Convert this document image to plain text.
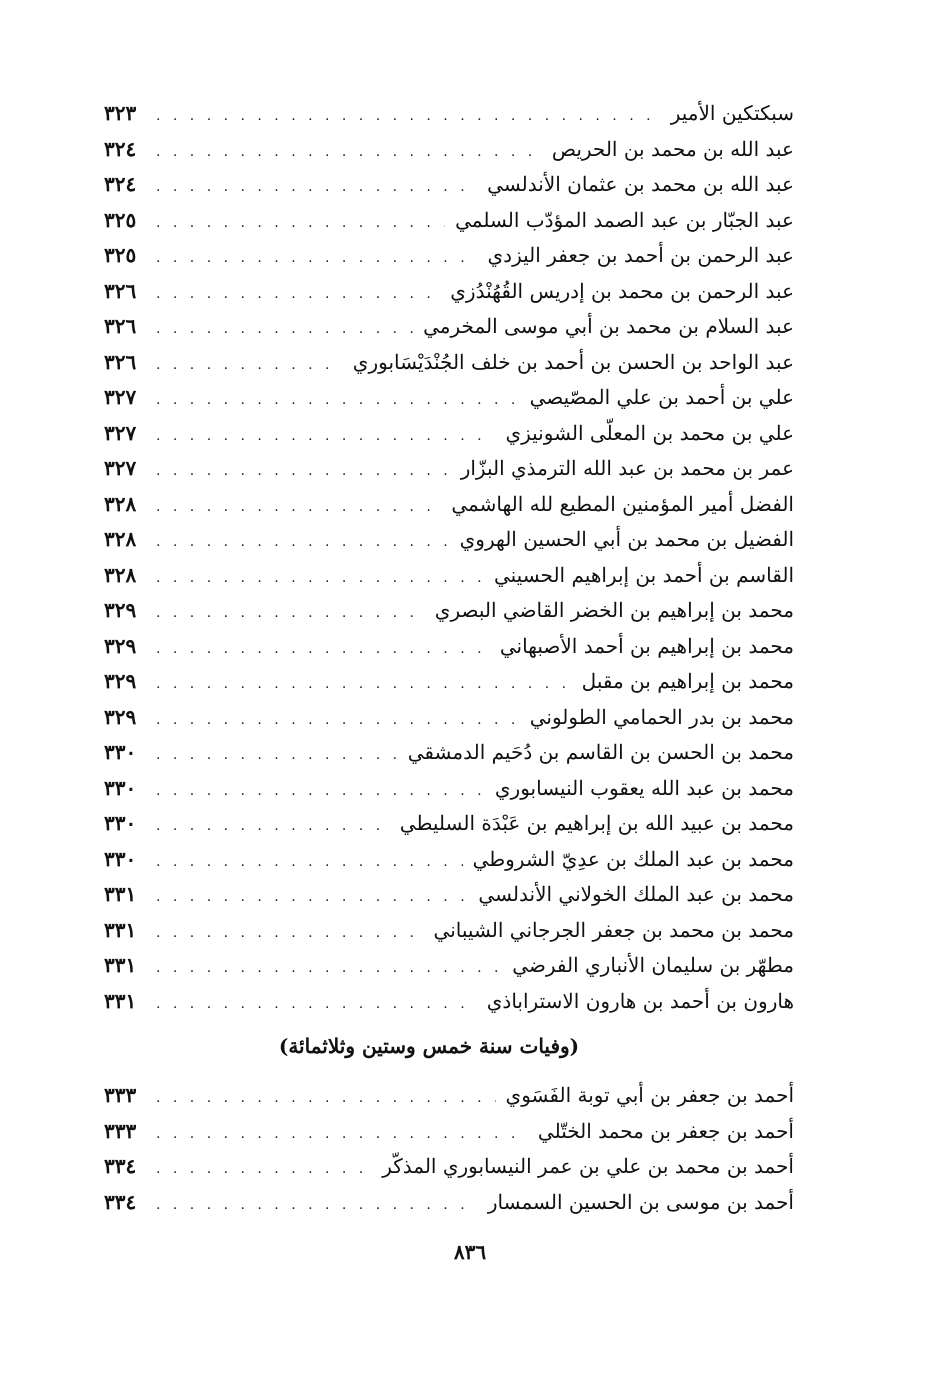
سبكتكين الأمير
. . .
٣٢٣
عبد الله بن محمد بن الحريص
. . .
٣٢٤
عبد الله بن محمد بن عثمان الأندلسي
. . .
٣٢٤
عبد الجبّار بن عبد الصمد المؤدّب السلمي
. . .
٣٢٥
عبد الرحمن بن أحمد بن جعفر اليزدي
. . .
٣٢٥
عبد الرحمن بن محمد بن إدريس القُهُنْدُزي
. . .
٣٢٦
عبد السلام بن محمد بن أبي موسى المخرمي
. . .
٣٢٦
عبد الواحد بن الحسن بن أحمد بن خلف الجُنْدَيْسَابوري
. . .
٣٢٦
علي بن أحمد بن علي المصّيصي
. . .
٣٢٧
علي بن محمد بن المعلّى الشونيزي
. . .
٣٢٧
عمر بن محمد بن عبد الله الترمذي البزّار
. . .
٣٢٧
الفضل أمير المؤمنين المطيع لله الهاشمي
. . .
٣٢٨
الفضيل بن محمد بن أبي الحسين الهروي
. . .
٣٢٨
القاسم بن أحمد بن إبراهيم الحسيني
. . .
٣٢٨
محمد بن إبراهيم بن الخضر القاضي البصري
. . .
٣٢٩
محمد بن إبراهيم بن أحمد الأصبهاني
. . .
٣٢٩
محمد بن إبراهيم بن مقبل
. . .
٣٢٩
محمد بن بدر الحمامي الطولوني
. . .
٣٢٩
محمد بن الحسن بن القاسم بن دُحَيم الدمشقي
. . .
٣٣٠
محمد بن عبد الله يعقوب النيسابوري
. . .
٣٣٠
محمد بن عبيد الله بن إبراهيم بن عَبْدَة السليطي
. . .
٣٣٠
محمد بن عبد الملك بن عدِيّ الشروطي
. . .
٣٣٠
محمد بن عبد الملك الخولاني الأندلسي
. . .
٣٣١
محمد بن محمد بن جعفر الجرجاني الشيباني
. . .
٣٣١
مطهّر بن سليمان الأنباري الفرضي
. . .
٣٣١
هارون بن أحمد بن هارون الاستراباذي
. . .
٣٣١
(وفيات سنة خمس وستين وثلاثمائة)
أحمد بن جعفر بن أبي توبة الفَسَوي
. . .
٣٣٣
أحمد بن جعفر بن محمد الختّلي
. . .
٣٣٣
أحمد بن محمد بن علي بن عمر النيسابوري المذكّر
. . .
٣٣٤
أحمد بن موسى بن الحسين السمسار
. . .
٣٣٤
٨٣٦
